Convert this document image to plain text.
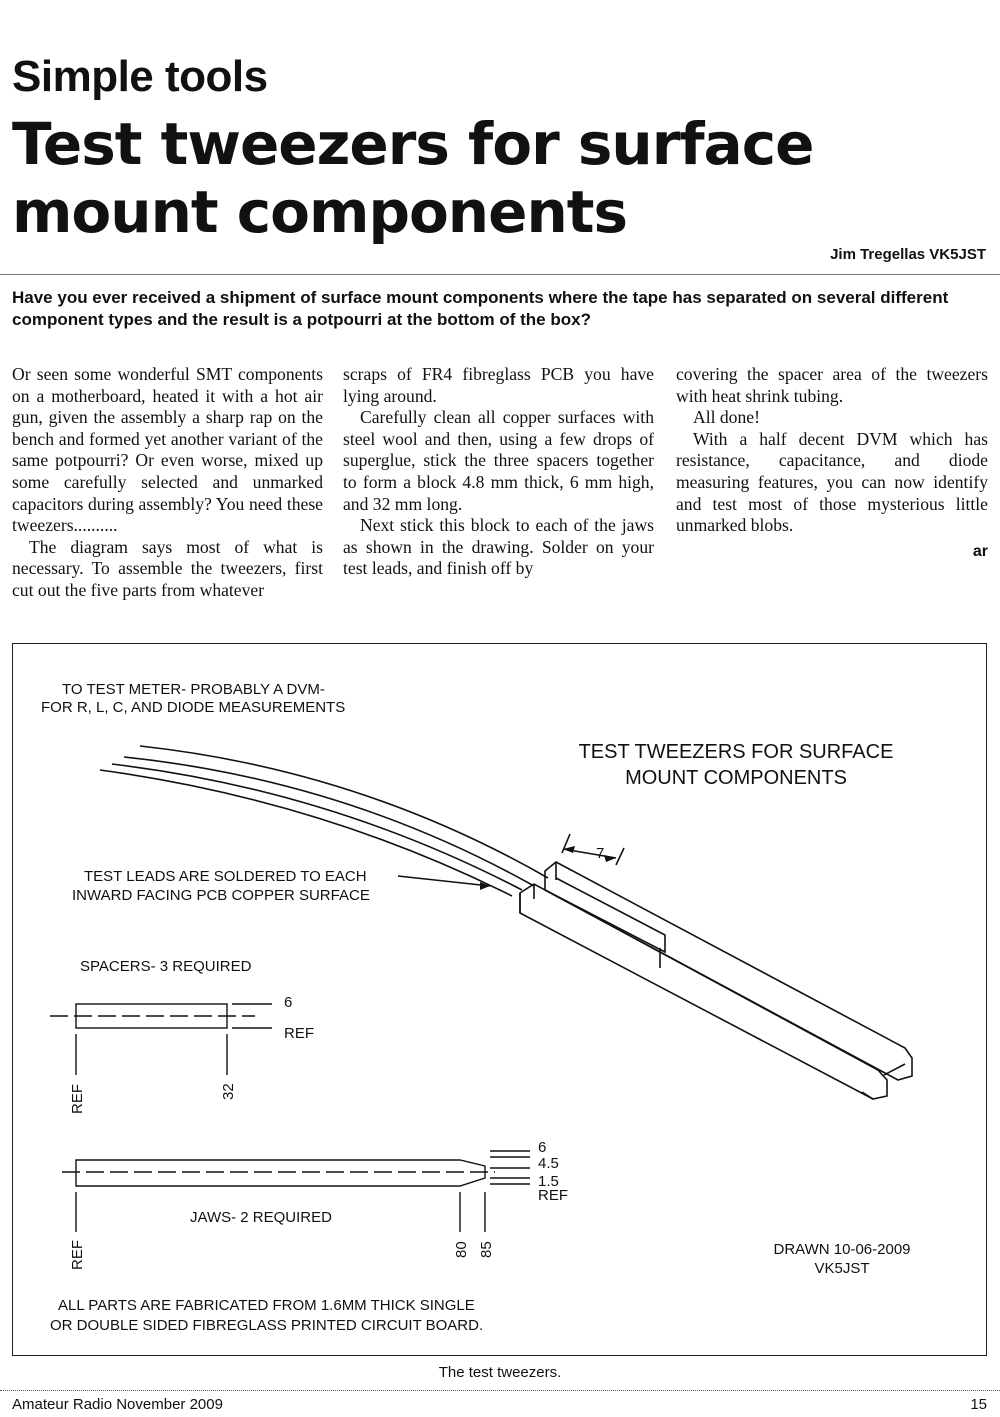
Simple tools
Test tweezers for surface mount components
Jim Tregellas VK5JST

Have you ever received a shipment of surface mount components where the tape has separated on several different component types and the result is a potpourri at the bottom of the box?

Or seen some wonderful SMT components on a motherboard, heated it with a hot air gun, given the assembly a sharp rap on the bench and formed yet another variant of the same potpourri? Or even worse, mixed up some carefully selected and unmarked capacitors during assembly? You need these tweezers..........

The diagram says most of what is necessary. To assemble the tweezers, first cut out the five parts from whatever

scraps of FR4 fibreglass PCB you have lying around.

Carefully clean all copper surfaces with steel wool and then, using a few drops of superglue, stick the three spacers together to form a block 4.8 mm thick, 6 mm high, and 32 mm long.

Next stick this block to each of the jaws as shown in the drawing. Solder on your test leads, and finish off by

covering the spacer area of the tweezers with heat shrink tubing.

All done!

With a half decent DVM which has resistance, capacitance, and diode measuring features, you can now identify and test most of those mysterious little unmarked blobs.

ar

TO TEST METER- PROBABLY A DVM-
FOR R, L, C, AND DIODE MEASUREMENTS
TEST TWEEZERS FOR SURFACE
MOUNT COMPONENTS
7
TEST LEADS ARE SOLDERED TO EACH
INWARD FACING PCB COPPER SURFACE
SPACERS- 3 REQUIRED
6
REF
REF	32
6
4.5
1.5
REF
JAWS- 2 REQUIRED
REF	80 85	DRAWN 10-06-2009
VK5JST
ALL PARTS ARE FABRICATED FROM 1.6MM THICK SINGLE
OR DOUBLE SIDED FIBREGLASS PRINTED CIRCUIT BOARD.
The test tweezers.
Amateur Radio November 2009	15
